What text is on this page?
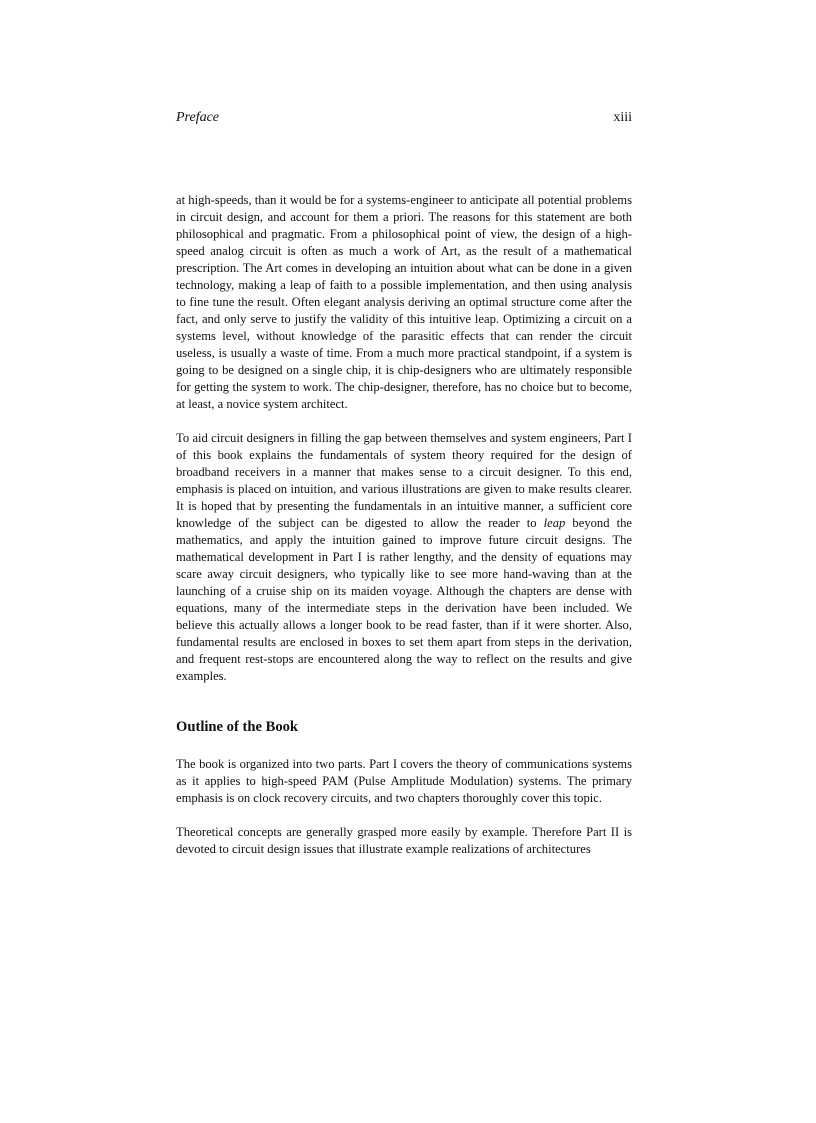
Preface	xiii

at high-speeds, than it would be for a systems-engineer to anticipate all potential problems in circuit design, and account for them a priori. The reasons for this statement are both philosophical and pragmatic. From a philosophical point of view, the design of a high-speed analog circuit is often as much a work of Art, as the result of a mathematical prescription. The Art comes in developing an intuition about what can be done in a given technology, making a leap of faith to a possible implementation, and then using analysis to fine tune the result. Often elegant analysis deriving an optimal structure come after the fact, and only serve to justify the validity of this intuitive leap. Optimizing a circuit on a systems level, without knowledge of the parasitic effects that can render the circuit useless, is usually a waste of time. From a much more practical standpoint, if a system is going to be designed on a single chip, it is chip-designers who are ultimately responsible for getting the system to work. The chip-designer, therefore, has no choice but to become, at least, a novice system architect.

To aid circuit designers in filling the gap between themselves and system engineers, Part I of this book explains the fundamentals of system theory required for the design of broadband receivers in a manner that makes sense to a circuit designer. To this end, emphasis is placed on intuition, and various illustrations are given to make results clearer. It is hoped that by presenting the fundamentals in an intuitive manner, a sufficient core knowledge of the subject can be digested to allow the reader to leap beyond the mathematics, and apply the intuition gained to improve future circuit designs. The mathematical development in Part I is rather lengthy, and the density of equations may scare away circuit designers, who typically like to see more hand-waving than at the launching of a cruise ship on its maiden voyage. Although the chapters are dense with equations, many of the intermediate steps in the derivation have been included. We believe this actually allows a longer book to be read faster, than if it were shorter. Also, fundamental results are enclosed in boxes to set them apart from steps in the derivation, and frequent rest-stops are encountered along the way to reflect on the results and give examples.

Outline of the Book

The book is organized into two parts. Part I covers the theory of communications systems as it applies to high-speed PAM (Pulse Amplitude Modulation) systems. The primary emphasis is on clock recovery circuits, and two chapters thoroughly cover this topic.

Theoretical concepts are generally grasped more easily by example. Therefore Part II is devoted to circuit design issues that illustrate example realizations of architectures
